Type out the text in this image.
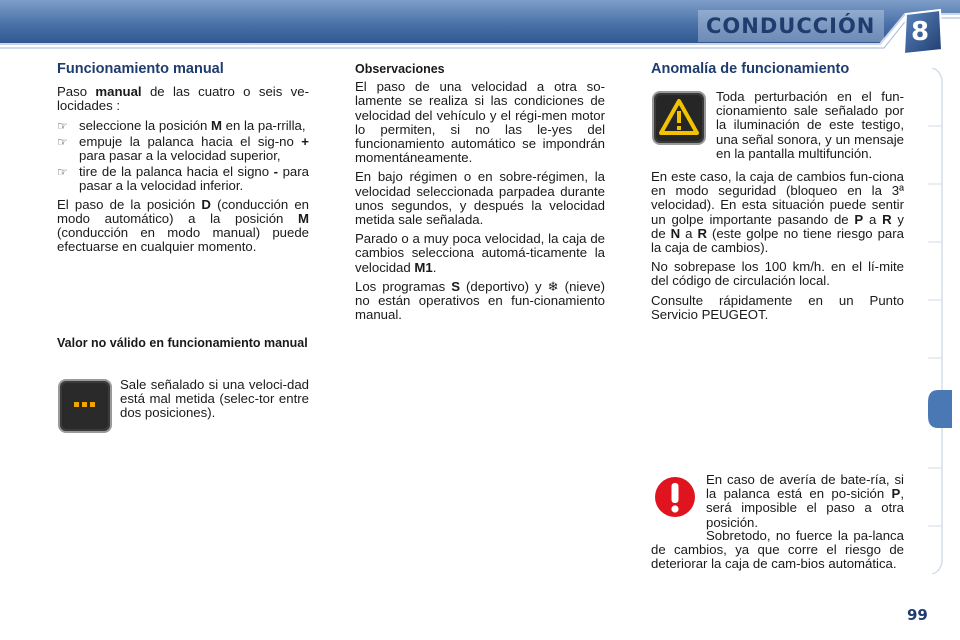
CONDUCCIÓN	8
Funcionamiento manual

Paso manual de las cuatro o seis ve-locidades :

☞ seleccione la posición M en la pa-rrilla,
☞ empuje la palanca hacia el sig-no + para pasar a la velocidad superior,
☞ tire de la palanca hacia el signo - para pasar a la velocidad inferior.

El paso de la posición D (conducción en modo automático) a la posición M (conducción en modo manual) puede efectuarse en cualquier momento.

Valor no válido en funcionamiento manual
Sale señalado si una veloci-dad está mal metida (selec-tor entre dos posiciones).
Observaciones

El paso de una velocidad a otra so-lamente se realiza si las condiciones de velocidad del vehículo y el régi-men motor lo permiten, si no las le-yes del funcionamiento automático se impondrán momentáneamente.

En bajo régimen o en sobre-régimen, la velocidad seleccionada parpadea durante unos segundos, y después la velocidad metida sale señalada.

Parado o a muy poca velocidad, la caja de cambios selecciona automá-ticamente la velocidad M1.

Los programas S (deportivo) y ❄ (nieve) no están operativos en fun-cionamiento manual.

Anomalía de funcionamiento
Toda perturbación en el fun-cionamiento sale señalado por la iluminación de este testigo, una señal sonora, y un mensaje en la pantalla multifunción.

En este caso, la caja de cambios fun-ciona en modo seguridad (bloqueo en la 3ª velocidad). En esta situación puede sentir un golpe importante pasando de P a R y de N a R (este golpe no tiene riesgo para la caja de cambios).

No sobrepase los 100 km/h. en el lí-mite del código de circulación local.

Consulte rápidamente en un Punto Servicio PEUGEOT.

En caso de avería de bate-ría, si la palanca está en po-sición P, será imposible el paso a otra posición.
Sobretodo, no fuerce la pa-lanca de cambios, ya que corre el riesgo de deteriorar la caja de cam-bios automática.
99
